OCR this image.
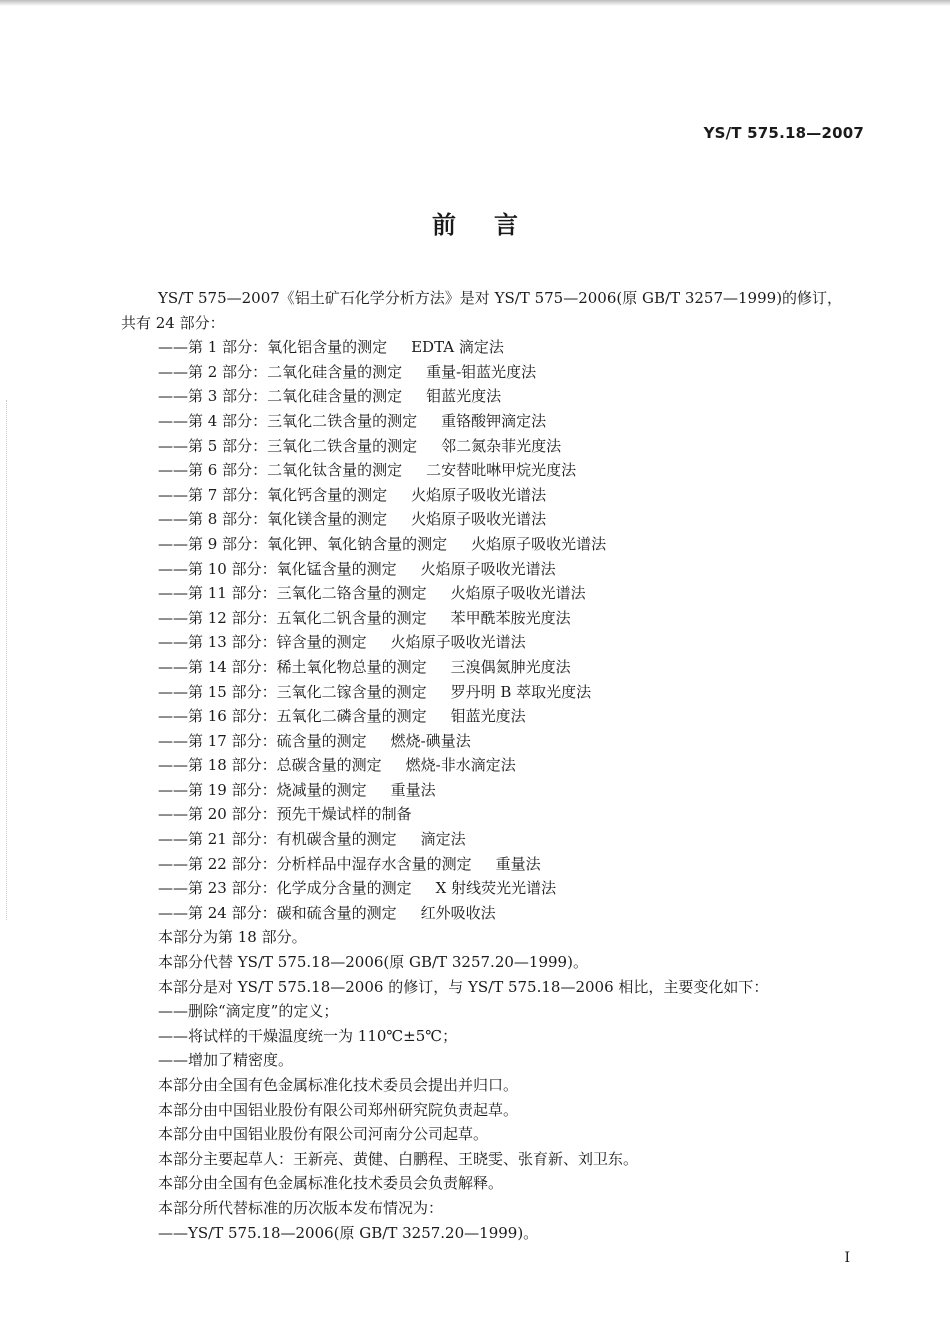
YS/T 575.18—2007
前言

YS/T 575—2007《铝土矿石化学分析方法》是对 YS/T 575—2006(原 GB/T 3257—1999)的修订，

共有 24 部分：

——第 1 部分：氧化铝含量的测定 EDTA 滴定法

——第 2 部分：二氧化硅含量的测定 重量-钼蓝光度法

——第 3 部分：二氧化硅含量的测定 钼蓝光度法

——第 4 部分：三氧化二铁含量的测定 重铬酸钾滴定法

——第 5 部分：三氧化二铁含量的测定 邻二氮杂菲光度法

——第 6 部分：二氧化钛含量的测定 二安替吡啉甲烷光度法

——第 7 部分：氧化钙含量的测定 火焰原子吸收光谱法

——第 8 部分：氧化镁含量的测定 火焰原子吸收光谱法

——第 9 部分：氧化钾、氧化钠含量的测定 火焰原子吸收光谱法

——第 10 部分：氧化锰含量的测定 火焰原子吸收光谱法

——第 11 部分：三氧化二铬含量的测定 火焰原子吸收光谱法

——第 12 部分：五氧化二钒含量的测定 苯甲酰苯胺光度法

——第 13 部分：锌含量的测定 火焰原子吸收光谱法

——第 14 部分：稀土氧化物总量的测定 三溴偶氮胂光度法

——第 15 部分：三氧化二镓含量的测定 罗丹明 B 萃取光度法

——第 16 部分：五氧化二磷含量的测定 钼蓝光度法

——第 17 部分：硫含量的测定 燃烧-碘量法

——第 18 部分：总碳含量的测定 燃烧-非水滴定法

——第 19 部分：烧减量的测定 重量法

——第 20 部分：预先干燥试样的制备

——第 21 部分：有机碳含量的测定 滴定法

——第 22 部分：分析样品中湿存水含量的测定 重量法

——第 23 部分：化学成分含量的测定 X 射线荧光光谱法

——第 24 部分：碳和硫含量的测定 红外吸收法

本部分为第 18 部分。

本部分代替 YS/T 575.18—2006(原 GB/T 3257.20—1999)。

本部分是对 YS/T 575.18—2006 的修订，与 YS/T 575.18—2006 相比，主要变化如下：

——删除“滴定度”的定义；

——将试样的干燥温度统一为 110℃±5℃；

——增加了精密度。

本部分由全国有色金属标准化技术委员会提出并归口。

本部分由中国铝业股份有限公司郑州研究院负责起草。

本部分由中国铝业股份有限公司河南分公司起草。

本部分主要起草人：王新亮、黄健、白鹏程、王晓雯、张育新、刘卫东。

本部分由全国有色金属标准化技术委员会负责解释。

本部分所代替标准的历次版本发布情况为：

——YS/T 575.18—2006(原 GB/T 3257.20—1999)。

I
